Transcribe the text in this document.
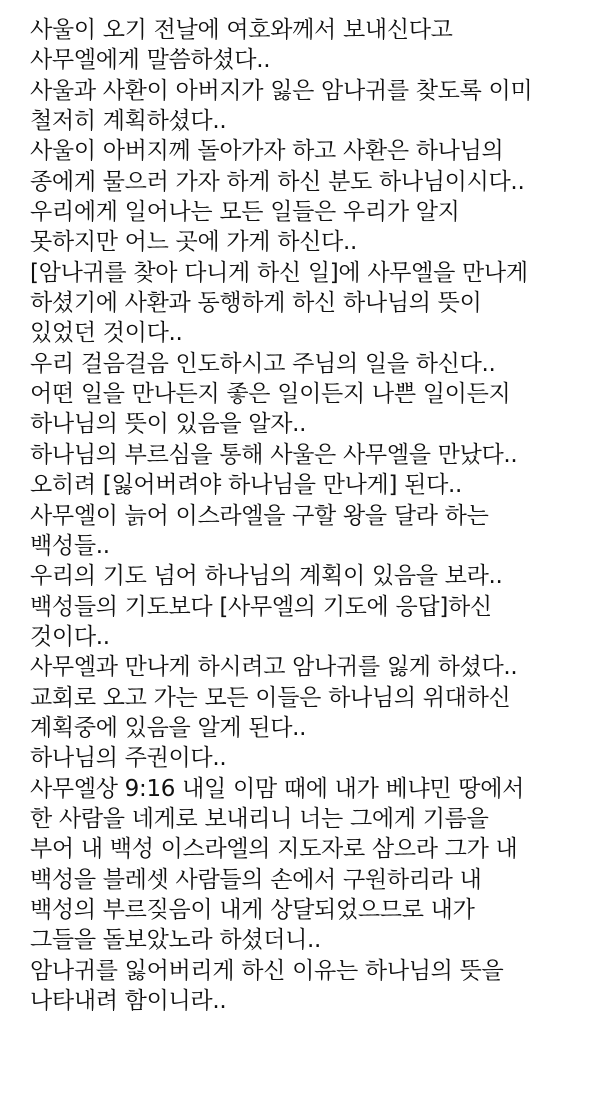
사울이 오기 전날에 여호와께서 보내신다고
사무엘에게 말씀하셨다..
사울과 사환이 아버지가 잃은 암나귀를 찾도록 이미
철저히 계획하셨다..
사울이 아버지께 돌아가자 하고 사환은 하나님의
종에게 물으러 가자 하게 하신 분도 하나님이시다..
우리에게 일어나는 모든 일들은 우리가 알지
못하지만 어느 곳에 가게 하신다..
[암나귀를 찾아 다니게 하신 일]에 사무엘을 만나게
하셨기에 사환과 동행하게 하신 하나님의 뜻이
있었던 것이다..
우리 걸음걸음 인도하시고 주님의 일을 하신다..
어떤 일을 만나든지 좋은 일이든지 나쁜 일이든지
하나님의 뜻이 있음을 알자..
하나님의 부르심을 통해 사울은 사무엘을 만났다..
오히려 [잃어버려야 하나님을 만나게] 된다..
사무엘이 늙어 이스라엘을 구할 왕을 달라 하는
백성들..
우리의 기도 넘어 하나님의 계획이 있음을 보라..
백성들의 기도보다 [사무엘의 기도에 응답]하신
것이다..
사무엘과 만나게 하시려고 암나귀를 잃게 하셨다..
교회로 오고 가는 모든 이들은 하나님의 위대하신
계획중에 있음을 알게 된다..
하나님의 주권이다..
사무엘상 9:16 내일 이맘 때에 내가 베냐민 땅에서
한 사람을 네게로 보내리니 너는 그에게 기름을
부어 내 백성 이스라엘의 지도자로 삼으라 그가 내
백성을 블레셋 사람들의 손에서 구원하리라 내
백성의 부르짖음이 내게 상달되었으므로 내가
그들을 돌보았노라 하셨더니..
암나귀를 잃어버리게 하신 이유는 하나님의 뜻을
나타내려 함이니라..
